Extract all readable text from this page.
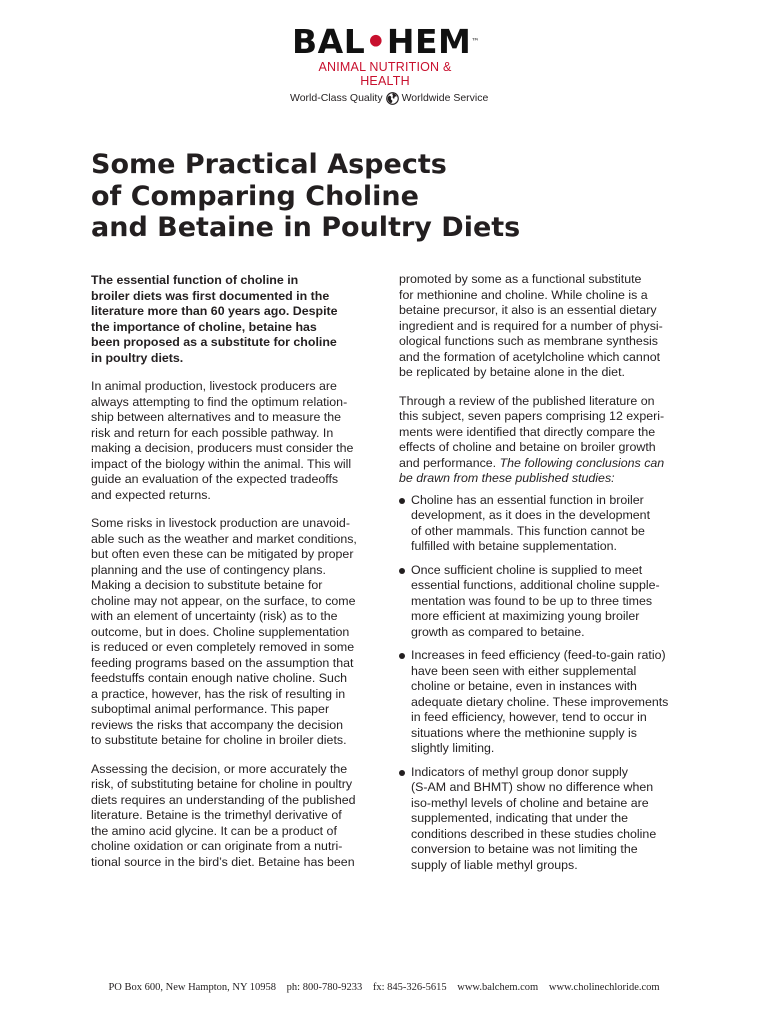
BAL•HEM™
ANIMAL NUTRITION & HEALTH
World-Class Quality Worldwide Service
Some Practical Aspects
of Comparing Choline
and Betaine in Poultry Diets

The essential function of choline in
broiler diets was first documented in the
literature more than 60 years ago. Despite
the importance of choline, betaine has
been proposed as a substitute for choline
in poultry diets.

In animal production, livestock producers are
always attempting to find the optimum relation-
ship between alternatives and to measure the
risk and return for each possible pathway. In
making a decision, producers must consider the
impact of the biology within the animal. This will
guide an evaluation of the expected tradeoffs
and expected returns.

Some risks in livestock production are unavoid-
able such as the weather and market conditions,
but often even these can be mitigated by proper
planning and the use of contingency plans.
Making a decision to substitute betaine for
choline may not appear, on the surface, to come
with an element of uncertainty (risk) as to the
outcome, but in does. Choline supplementation
is reduced or even completely removed in some
feeding programs based on the assumption that
feedstuffs contain enough native choline. Such
a practice, however, has the risk of resulting in
suboptimal animal performance. This paper
reviews the risks that accompany the decision
to substitute betaine for choline in broiler diets.

Assessing the decision, or more accurately the
risk, of substituting betaine for choline in poultry
diets requires an understanding of the published
literature. Betaine is the trimethyl derivative of
the amino acid glycine. It can be a product of
choline oxidation or can originate from a nutri-
tional source in the bird’s diet. Betaine has been

promoted by some as a functional substitute
for methionine and choline. While choline is a
betaine precursor, it also is an essential dietary
ingredient and is required for a number of physi-
ological functions such as membrane synthesis
and the formation of acetylcholine which cannot
be replicated by betaine alone in the diet.

Through a review of the published literature on
this subject, seven papers comprising 12 experi-
ments were identified that directly compare the
effects of choline and betaine on broiler growth
and performance. The following conclusions can
be drawn from these published studies:

Choline has an essential function in broiler
development, as it does in the development
of other mammals. This function cannot be
fulfilled with betaine supplementation.
Once sufficient choline is supplied to meet
essential functions, additional choline supple-
mentation was found to be up to three times
more efficient at maximizing young broiler
growth as compared to betaine.
Increases in feed efficiency (feed-to-gain ratio)
have been seen with either supplemental
choline or betaine, even in instances with
adequate dietary choline. These improvements
in feed efficiency, however, tend to occur in
situations where the methionine supply is
slightly limiting.
Indicators of methyl group donor supply
(S-AM and BHMT) show no difference when
iso-methyl levels of choline and betaine are
supplemented, indicating that under the
conditions described in these studies choline
conversion to betaine was not limiting the
supply of liable methyl groups.
PO Box 600, New Hampton, NY 10958 ph: 800-780-9233 fx: 845-326-5615 www.balchem.com www.cholinechloride.com
